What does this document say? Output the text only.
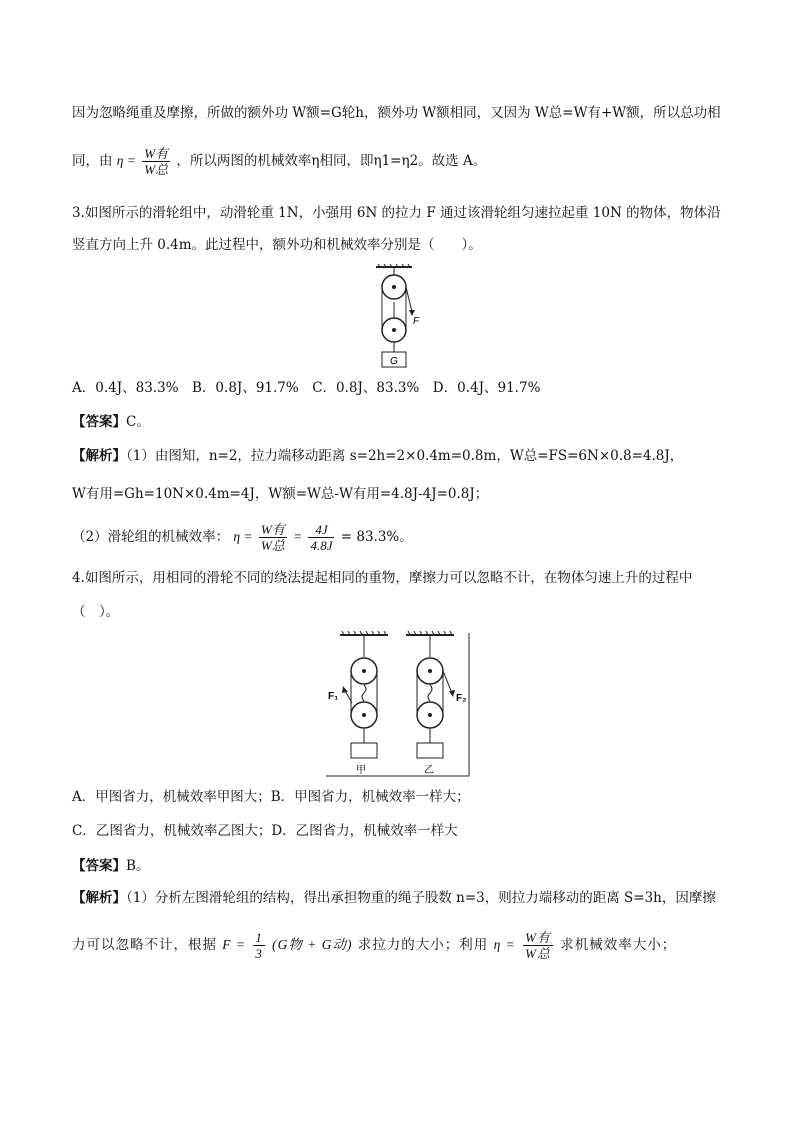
因为忽略绳重及摩擦，所做的额外功 W额=G轮h，额外功 W额相同，又因为 W总=W有+W额，所以总功相
同，由 $\eta = \frac{\text{W有}}{\text{W总}}$ ，所以两图的机械效率η相同，即η1=η2。故选 A。
3.如图所示的滑轮组中，动滑轮重 1N，小强用 6N 的拉力 F 通过该滑轮组匀速拉起重 10N 的物体，物体沿
竖直方向上升 0.4m。此过程中，额外功和机械效率分别是（　　）。
F
G
A．0.4J、83.3%　B．0.8J、91.7%　C．0.8J、83.3%　D．0.4J、91.7%
【答案】C。
【解析】（1）由图知，n=2，拉力端移动距离 s=2h=2×0.4m=0.8m，W总=FS=6N×0.8=4.8J，
W有用=Gh=10N×0.4m=4J，W额=W总-W有用=4.8J-4J=0.8J；
（2）滑轮组的机械效率： $\eta = \frac{\text{W有}}{\text{W总}} = \frac{4J}{4.8J} = 83.3\%$。
4.如图所示，用相同的滑轮不同的绕法提起相同的重物，摩擦力可以忽略不计，在物体匀速上升的过程中
（　）。
F₁
甲
F₂
乙
A．甲图省力，机械效率甲图大；B．甲图省力，机械效率一样大；
C．乙图省力，机械效率乙图大；D．乙图省力，机械效率一样大
【答案】B。
【解析】（1）分析左图滑轮组的结构，得出承担物重的绳子股数 n=3，则拉力端移动的距离 S=3h，因摩擦
力可以忽略不计，根据 $F = \frac{1}{3} (G$物 + G动) 求拉力的大小；利用 $\eta = \frac{\text{W有}}{\text{W总}}$ 求机械效率大小；
